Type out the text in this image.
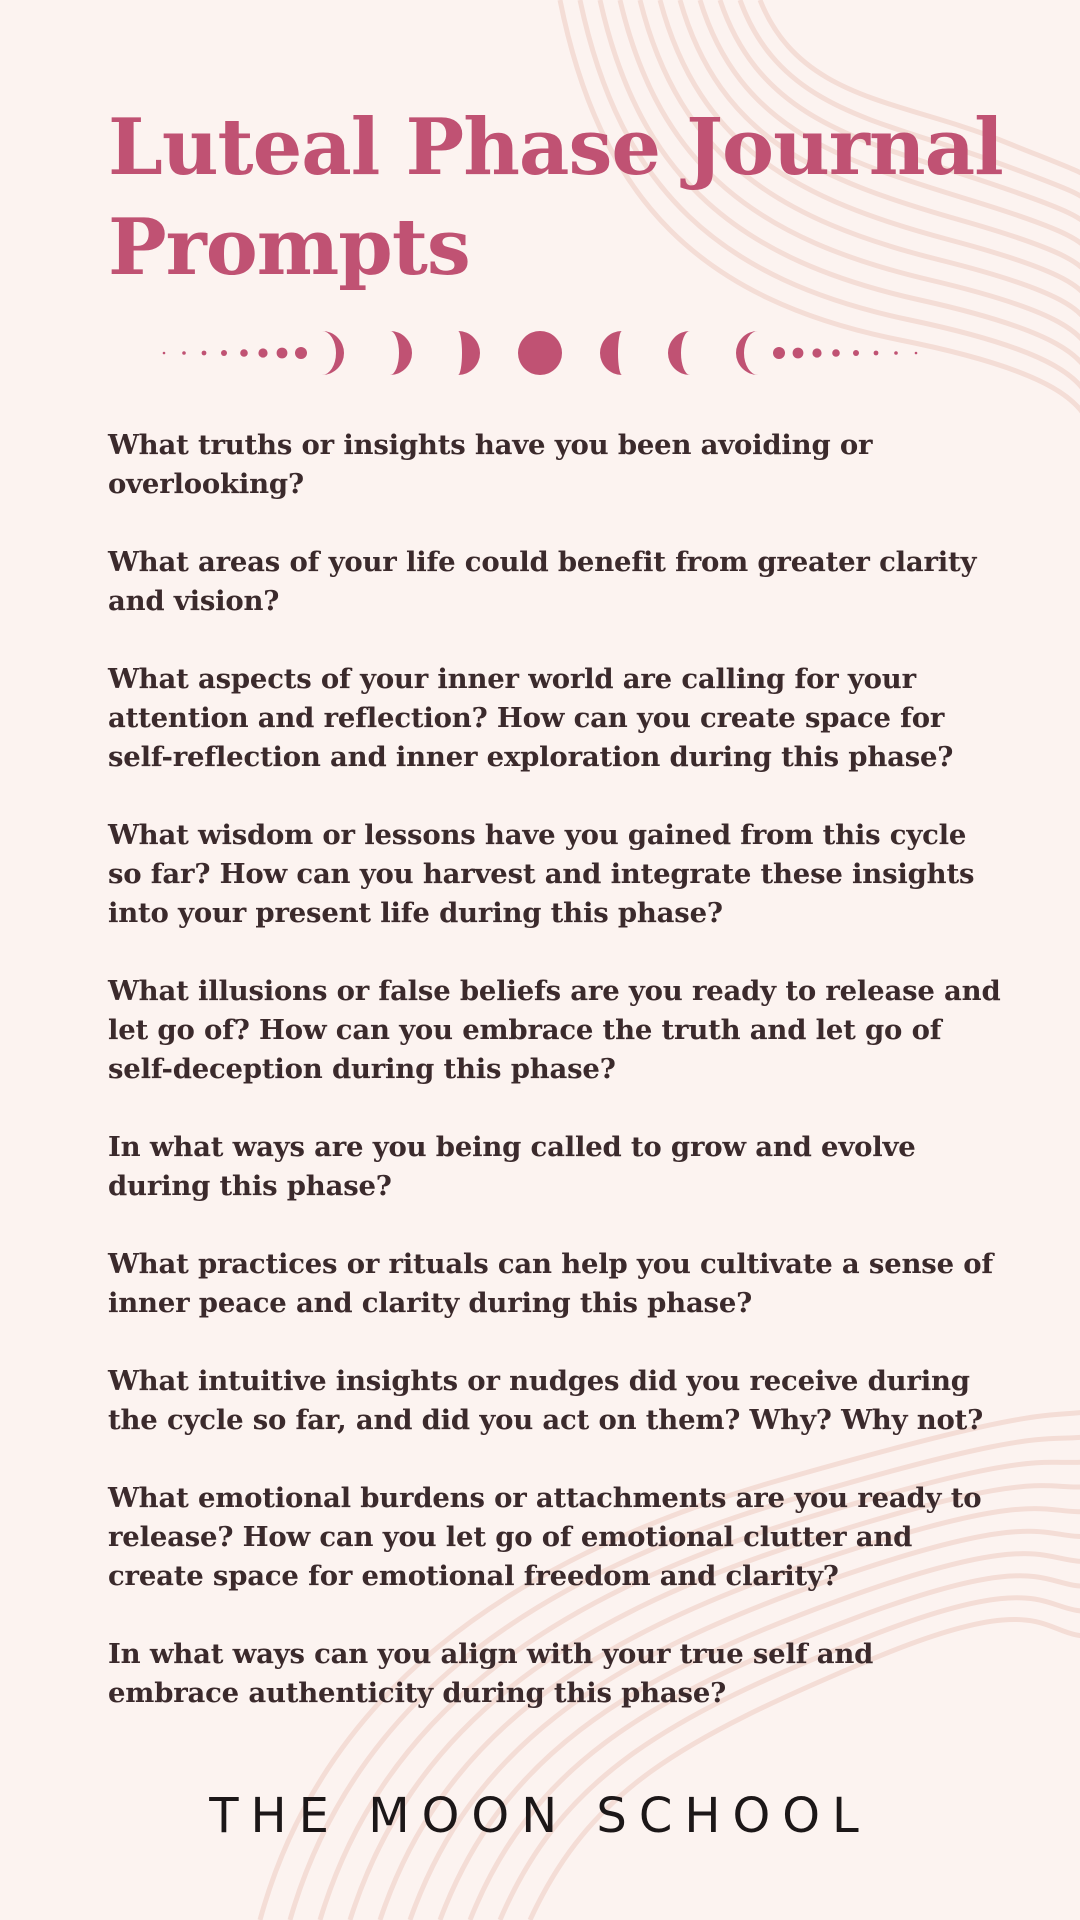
Luteal Phase Journal Prompts
What truths or insights have you been avoiding or overlooking?
What areas of your life could benefit from greater clarity and vision?
What aspects of your inner world are calling for your attention and reflection? How can you create space for self-reflection and inner exploration during this phase?
What wisdom or lessons have you gained from this cycle so far? How can you harvest and integrate these insights into your present life during this phase?
What illusions or false beliefs are you ready to release and let go of? How can you embrace the truth and let go of self-deception during this phase?
In what ways are you being called to grow and evolve during this phase?
What practices or rituals can help you cultivate a sense of inner peace and clarity during this phase?
What intuitive insights or nudges did you receive during the cycle so far, and did you act on them? Why? Why not?
What emotional burdens or attachments are you ready to release? How can you let go of emotional clutter and create space for emotional freedom and clarity?
In what ways can you align with your true self and embrace authenticity during this phase?
THE MOON SCHOOL
